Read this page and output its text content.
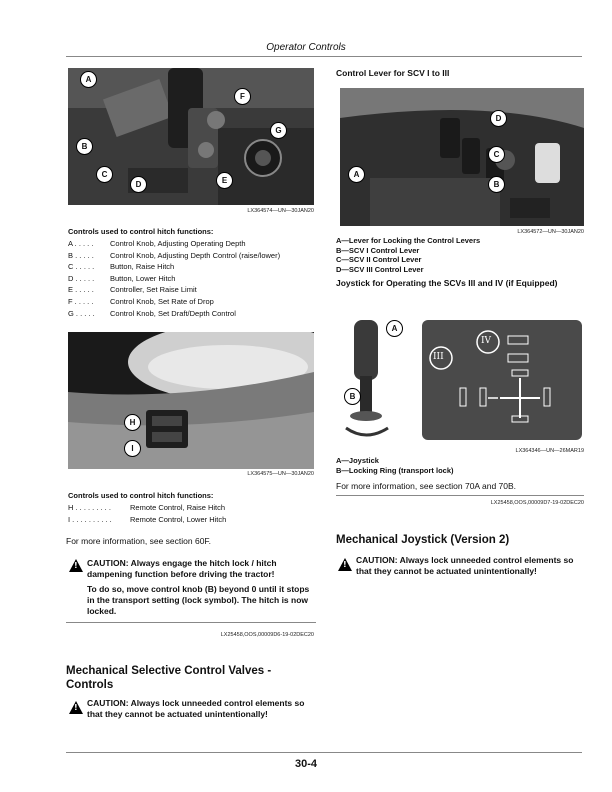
Operator Controls
A
B
C
D	E
F
G
LX364574—UN—30JAN20
Controls used to control hitch functions:
A . . . . .	Control Knob, Adjusting Operating Depth
B . . . . .	Control Knob, Adjusting Depth Control (raise/lower)
C . . . . .	Button, Raise Hitch
D . . . . .	Button, Lower Hitch
E . . . . .	Controller, Set Raise Limit
F . . . . .	Control Knob, Set Rate of Drop
G . . . . .	Control Knob, Set Draft/Depth Control
H
I
LX364575—UN—30JAN20
Controls used to control hitch functions:
H . . . . . . . . .	Remote Control, Raise Hitch
I . . . . . . . . . .	Remote Control, Lower Hitch
For more information, see section 60F.
!
CAUTION: Always engage the hitch lock / hitch dampening function before driving the tractor!
To do so, move control knob (B) beyond 0 until it stops in the transport setting (lock symbol). The hitch is now locked.
LX25458,OOS,00009D6-19-02DEC20
Mechanical Selective Control Valves - Controls
!
CAUTION: Always lock unneeded control elements so that they cannot be actuated unintentionally!
Control Lever for SCV I to III
D
C
B
A
LX364572—UN—30JAN20
A—Lever for Locking the Control Levers
B—SCV I Control Lever
C—SCV II Control Lever
D—SCV III Control Lever
Joystick for Operating the SCVs III and IV (if Equipped)
A
B
IV
III
LX364346—UN—26MAR19
A—Joystick
B—Locking Ring (transport lock)
For more information, see section 70A and 70B.
LX25458,OOS,00009D7-19-02DEC20
Mechanical Joystick (Version 2)
!
CAUTION: Always lock unneeded control elements so that they cannot be actuated unintentionally!
30-4
